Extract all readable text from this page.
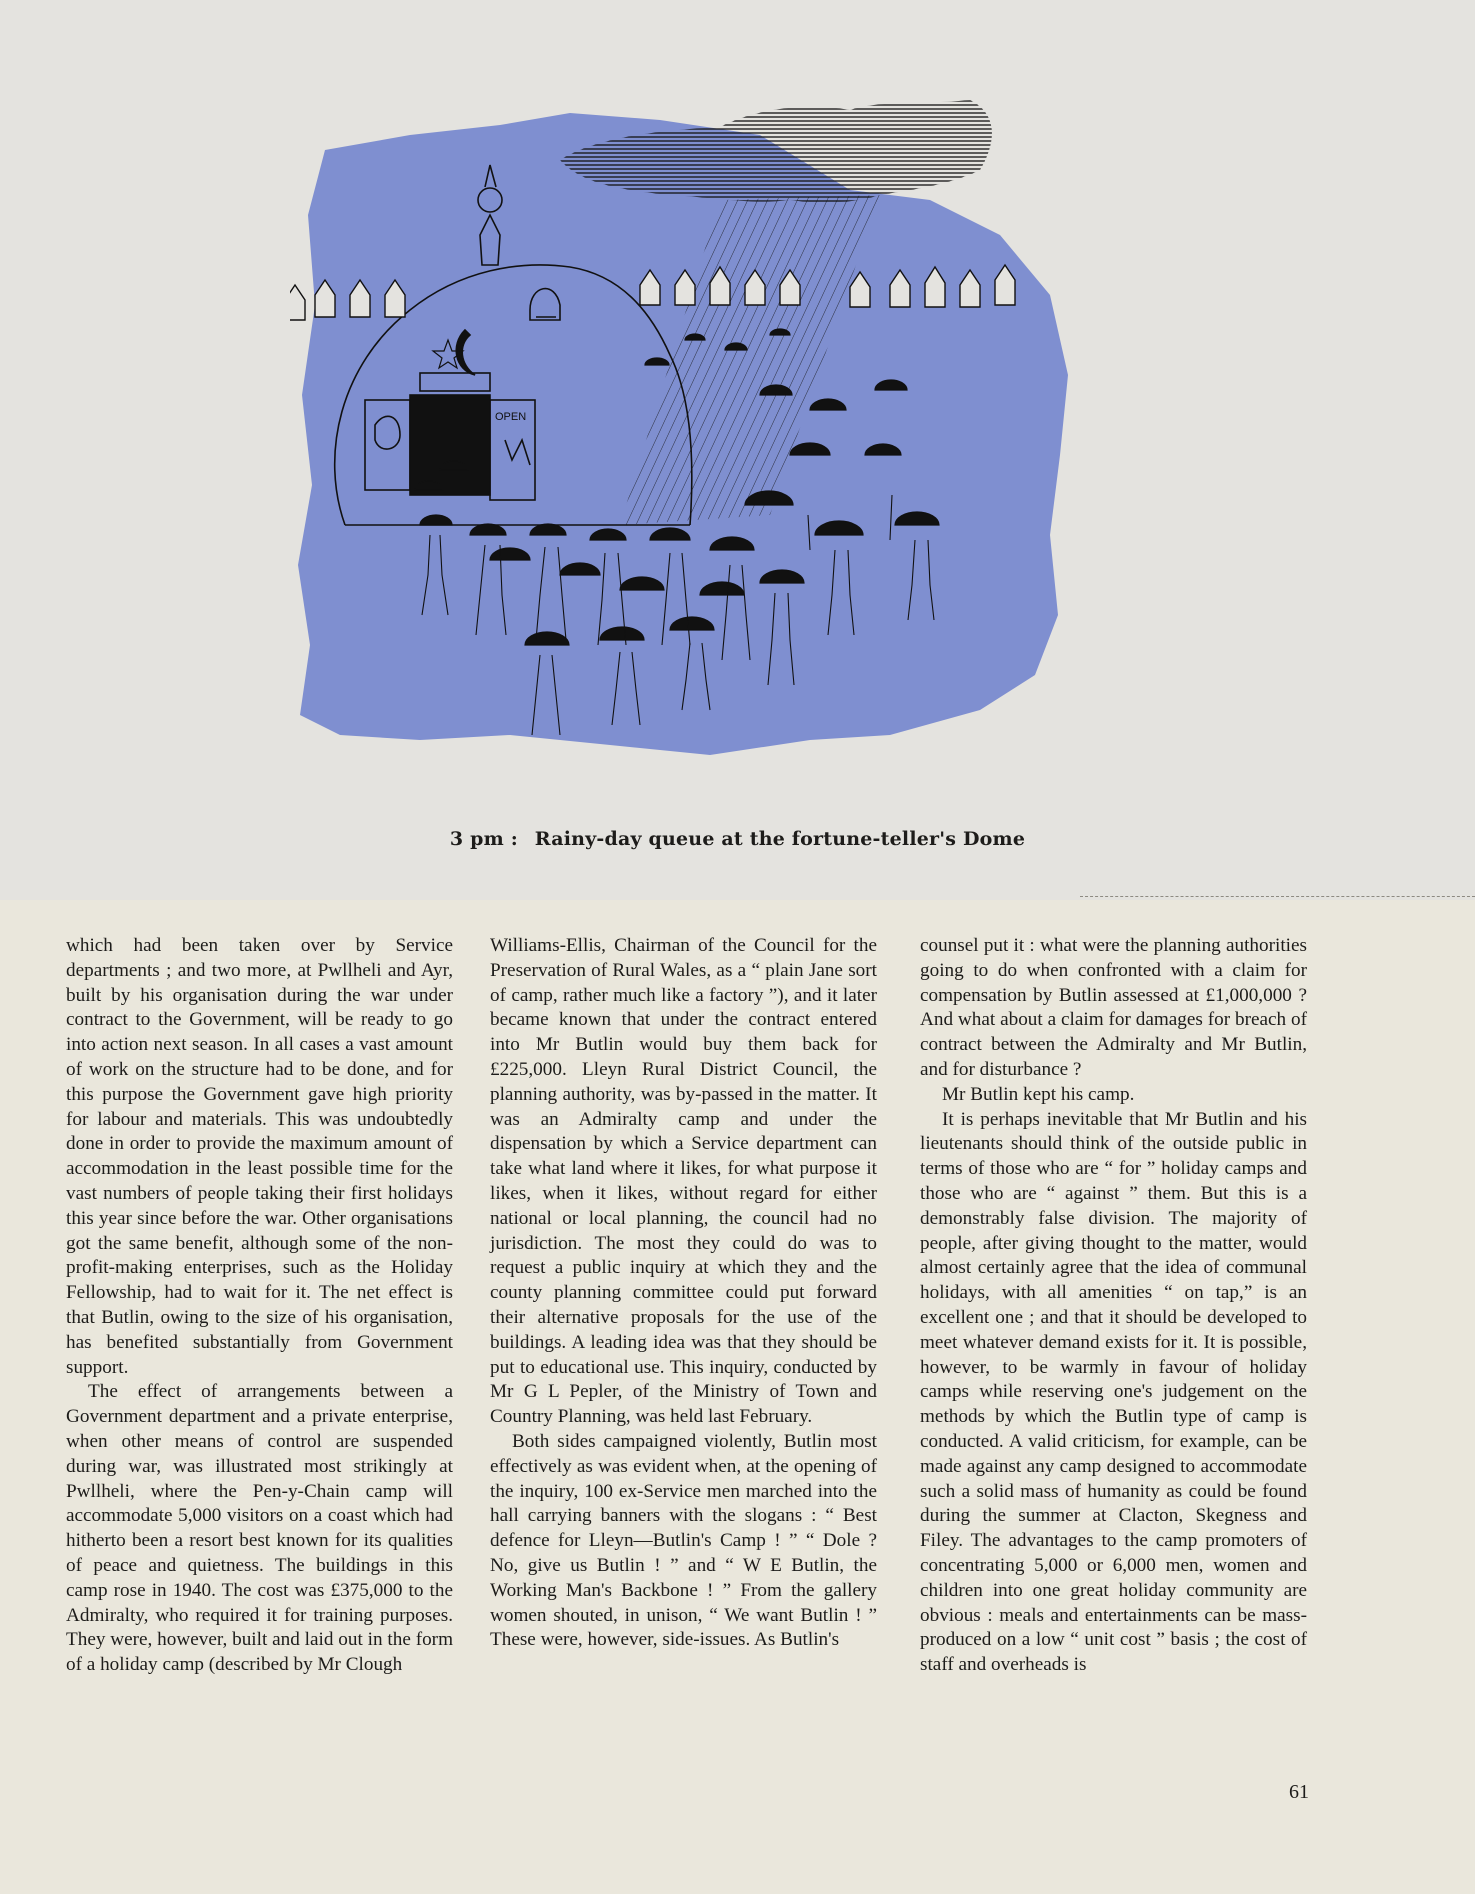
OPEN
3 pm : Rainy-day queue at the fortune-teller's Dome

which had been taken over by Service departments ; and two more, at Pwllheli and Ayr, built by his organisation during the war under contract to the Government, will be ready to go into action next season. In all cases a vast amount of work on the structure had to be done, and for this purpose the Government gave high priority for labour and materials. This was undoubtedly done in order to provide the maximum amount of accommodation in the least possible time for the vast numbers of people taking their first holidays this year since before the war. Other organisations got the same benefit, although some of the non-profit-making enterprises, such as the Holiday Fellowship, had to wait for it. The net effect is that Butlin, owing to the size of his organisation, has benefited substantially from Government support.

The effect of arrangements between a Government department and a private enterprise, when other means of control are suspended during war, was illustrated most strikingly at Pwllheli, where the Pen-y-Chain camp will accommodate 5,000 visitors on a coast which had hitherto been a resort best known for its qualities of peace and quietness. The buildings in this camp rose in 1940. The cost was £375,000 to the Admiralty, who required it for training purposes. They were, however, built and laid out in the form of a holiday camp (described by Mr Clough

Williams-Ellis, Chairman of the Council for the Preservation of Rural Wales, as a “ plain Jane sort of camp, rather much like a factory ”), and it later became known that under the contract entered into Mr Butlin would buy them back for £225,000. Lleyn Rural District Council, the planning authority, was by-passed in the matter. It was an Admiralty camp and under the dispensation by which a Service department can take what land where it likes, for what purpose it likes, when it likes, without regard for either national or local planning, the council had no jurisdiction. The most they could do was to request a public inquiry at which they and the county planning committee could put forward their alternative proposals for the use of the buildings. A leading idea was that they should be put to educational use. This inquiry, conducted by Mr G L Pepler, of the Ministry of Town and Country Planning, was held last February.

Both sides campaigned violently, Butlin most effectively as was evident when, at the opening of the inquiry, 100 ex-Service men marched into the hall carrying banners with the slogans : “ Best defence for Lleyn—Butlin's Camp ! ” “ Dole ? No, give us Butlin ! ” and “ W E Butlin, the Working Man's Backbone ! ” From the gallery women shouted, in unison, “ We want Butlin ! ” These were, however, side-issues. As Butlin's

counsel put it : what were the planning authorities going to do when confronted with a claim for compensation by Butlin assessed at £1,000,000 ? And what about a claim for damages for breach of contract between the Admiralty and Mr Butlin, and for disturbance ?

Mr Butlin kept his camp.

It is perhaps inevitable that Mr Butlin and his lieutenants should think of the outside public in terms of those who are “ for ” holiday camps and those who are “ against ” them. But this is a demonstrably false division. The majority of people, after giving thought to the matter, would almost certainly agree that the idea of communal holidays, with all amenities “ on tap,” is an excellent one ; and that it should be developed to meet whatever demand exists for it. It is possible, however, to be warmly in favour of holiday camps while reserving one's judgement on the methods by which the Butlin type of camp is conducted. A valid criticism, for example, can be made against any camp designed to accommodate such a solid mass of humanity as could be found during the summer at Clacton, Skegness and Filey. The advantages to the camp promoters of concentrating 5,000 or 6,000 men, women and children into one great holiday community are obvious : meals and entertainments can be mass-produced on a low “ unit cost ” basis ; the cost of staff and overheads is

61
